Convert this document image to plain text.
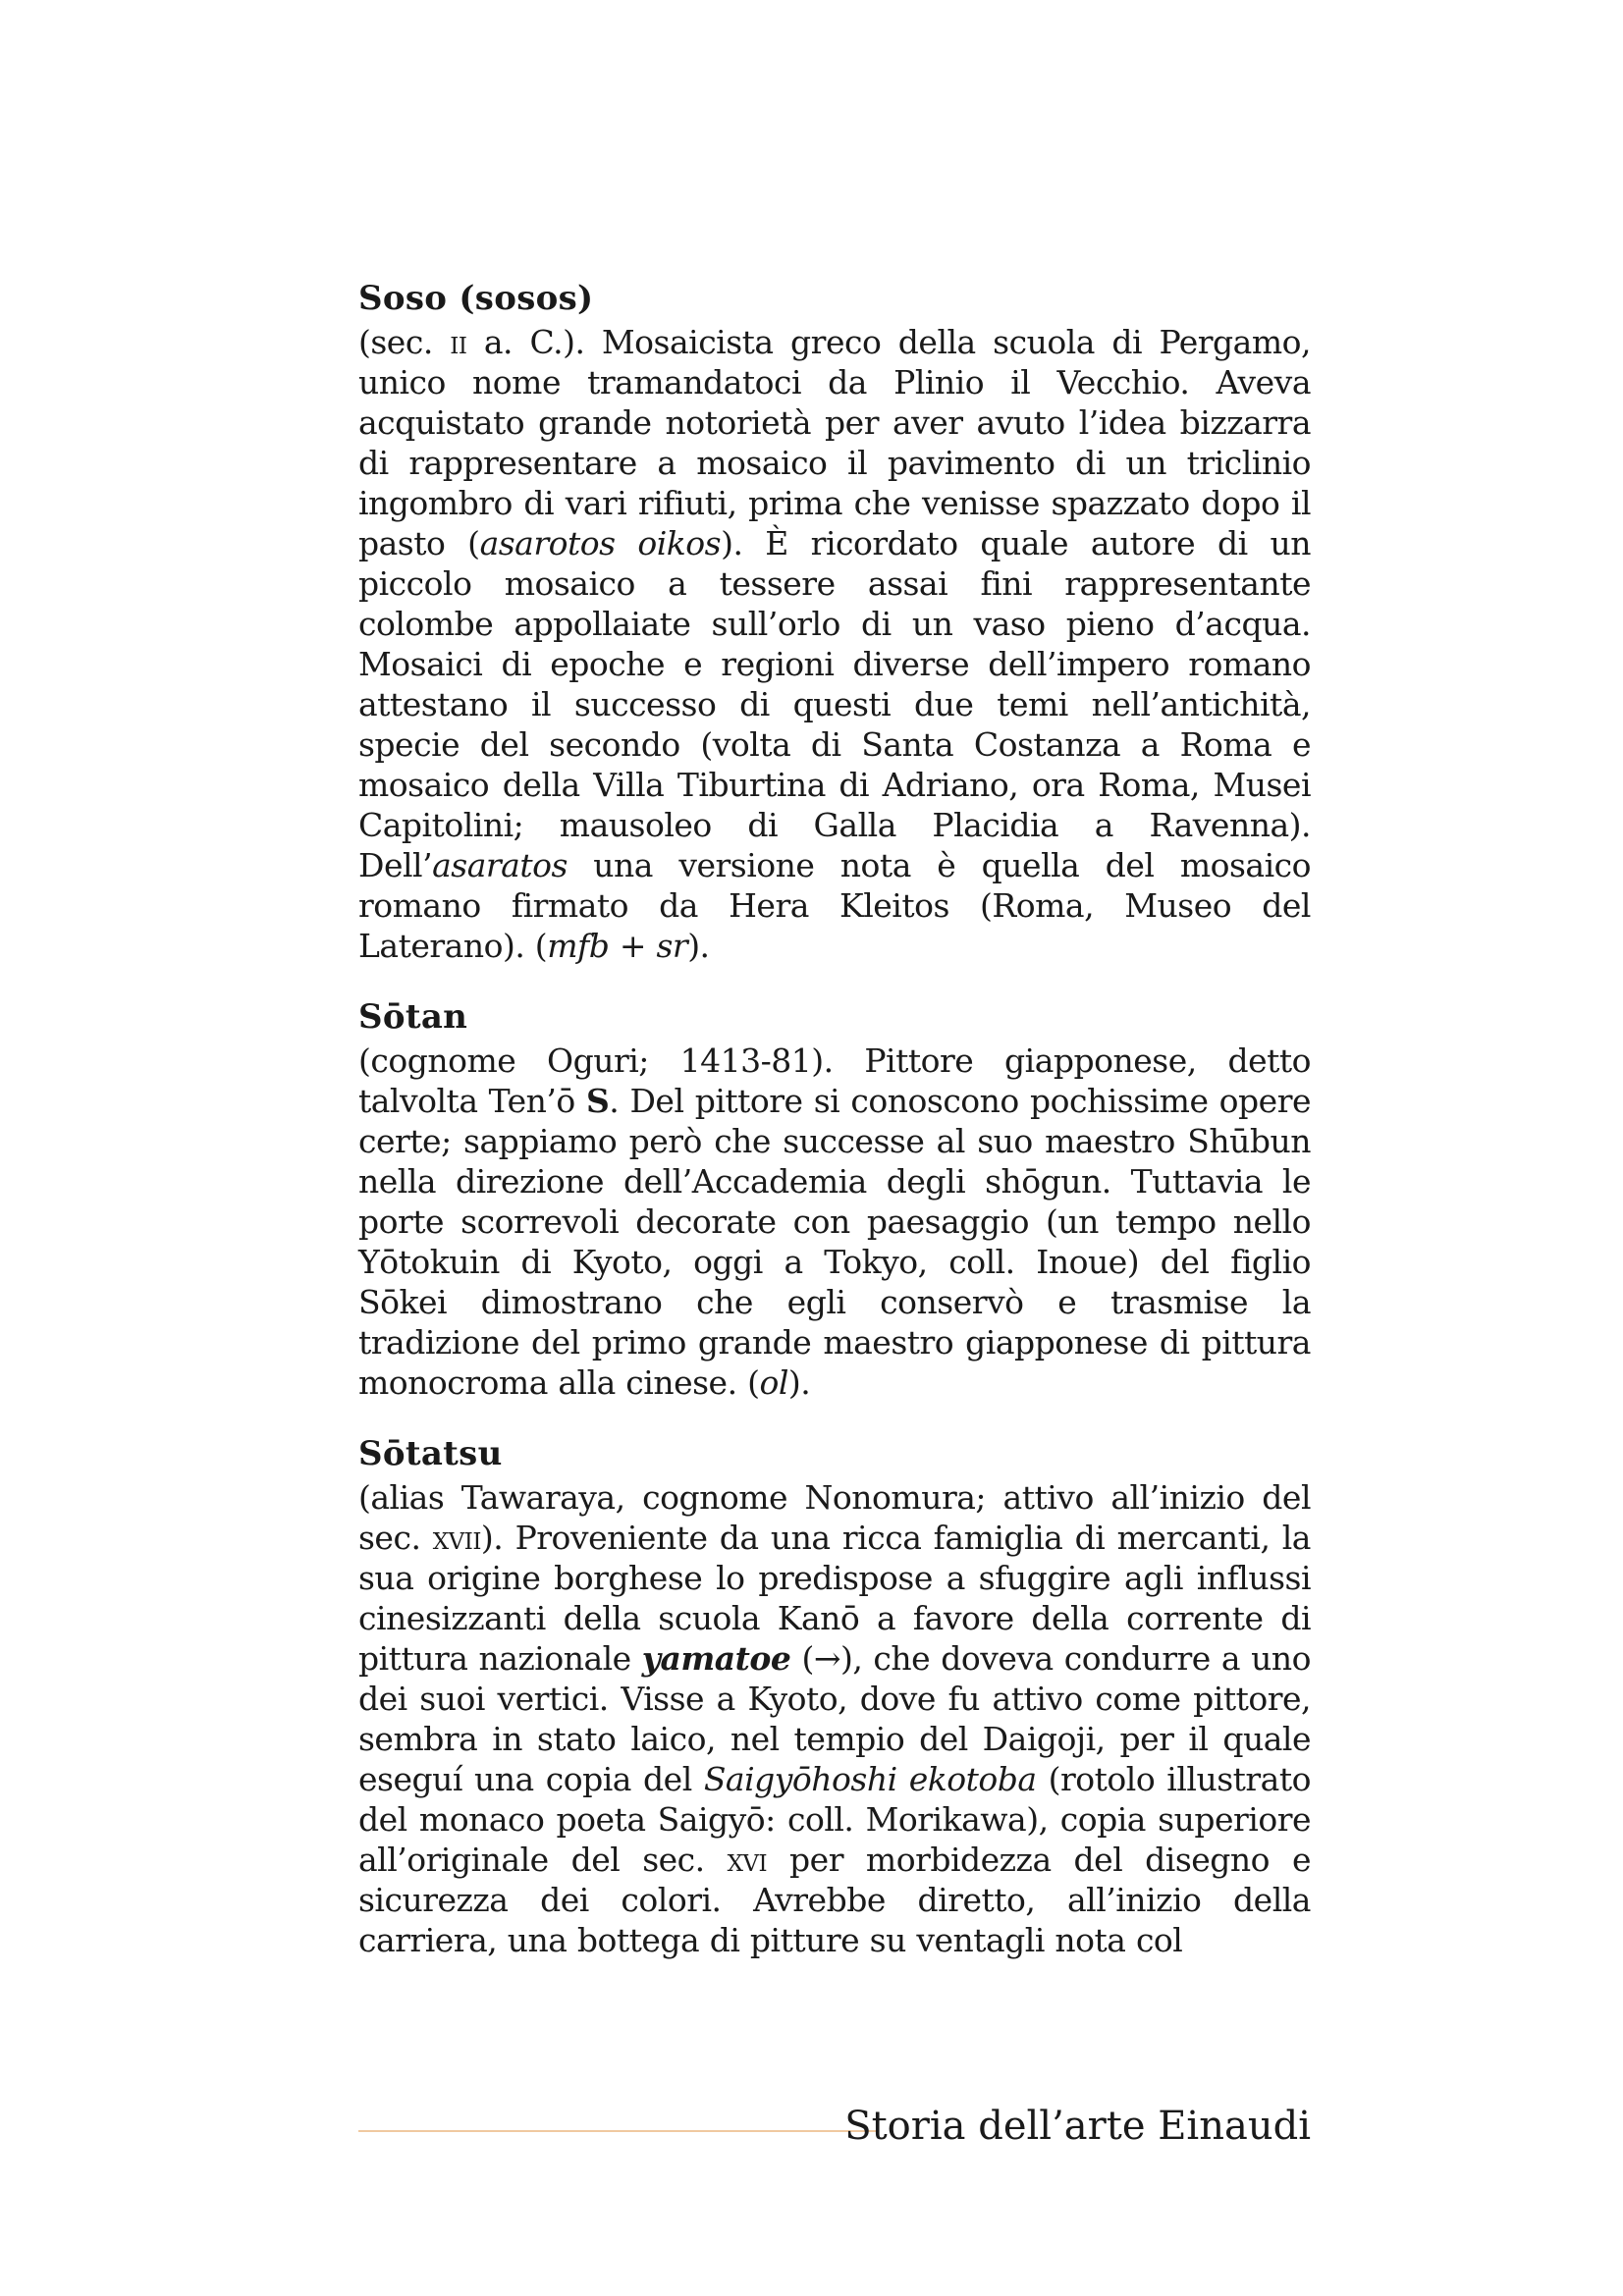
Soso (sosos)

(sec. ii a. C.). Mosaicista greco della scuola di Pergamo, unico nome tramandatoci da Plinio il Vecchio. Aveva acquistato grande notorietà per aver avuto l’idea bizzarra di rappresentare a mosaico il pavimento di un triclinio ingombro di vari rifiuti, prima che venisse spazzato dopo il pasto (asarotos oikos). È ricordato quale autore di un piccolo mosaico a tessere assai fini rappresentante colombe appollaiate sull’orlo di un vaso pieno d’acqua. Mosaici di epoche e regioni diverse dell’impero romano attestano il successo di questi due temi nell’antichità, specie del secondo (volta di Santa Costanza a Roma e mosaico della Villa Tiburtina di Adriano, ora Roma, Musei Capitolini; mausoleo di Galla Placidia a Ravenna). Dell’asaratos una versione nota è quella del mosaico romano firmato da Hera Kleitos (Roma, Museo del Laterano). (mfb + sr).

Sōtan

(cognome Oguri; 1413-81). Pittore giapponese, detto talvolta Ten’ō S. Del pittore si conoscono pochissime opere certe; sappiamo però che successe al suo maestro Shūbun nella direzione dell’Accademia degli shōgun. Tuttavia le porte scorrevoli decorate con paesaggio (un tempo nello Yōtokuin di Kyoto, oggi a Tokyo, coll. Inoue) del figlio Sōkei dimostrano che egli conservò e trasmise la tradizione del primo grande maestro giapponese di pittura monocroma alla cinese. (ol).

Sōtatsu

(alias Tawaraya, cognome Nonomura; attivo all’inizio del sec. xvii). Proveniente da una ricca famiglia di mercanti, la sua origine borghese lo predispose a sfuggire agli influssi cinesizzanti della scuola Kanō a favore della corrente di pittura nazionale yamatoe (→), che doveva condurre a uno dei suoi vertici. Visse a Kyoto, dove fu attivo come pittore, sembra in stato laico, nel tempio del Daigoji, per il quale eseguí una copia del Saigyōhoshi ekotoba (rotolo illustrato del monaco poeta Saigyō: coll. Morikawa), copia superiore all’originale del sec. xvi per morbidezza del disegno e sicurezza dei colori. Avrebbe diretto, all’inizio della carriera, una bottega di pitture su ventagli nota col

Storia dell’arte Einaudi
